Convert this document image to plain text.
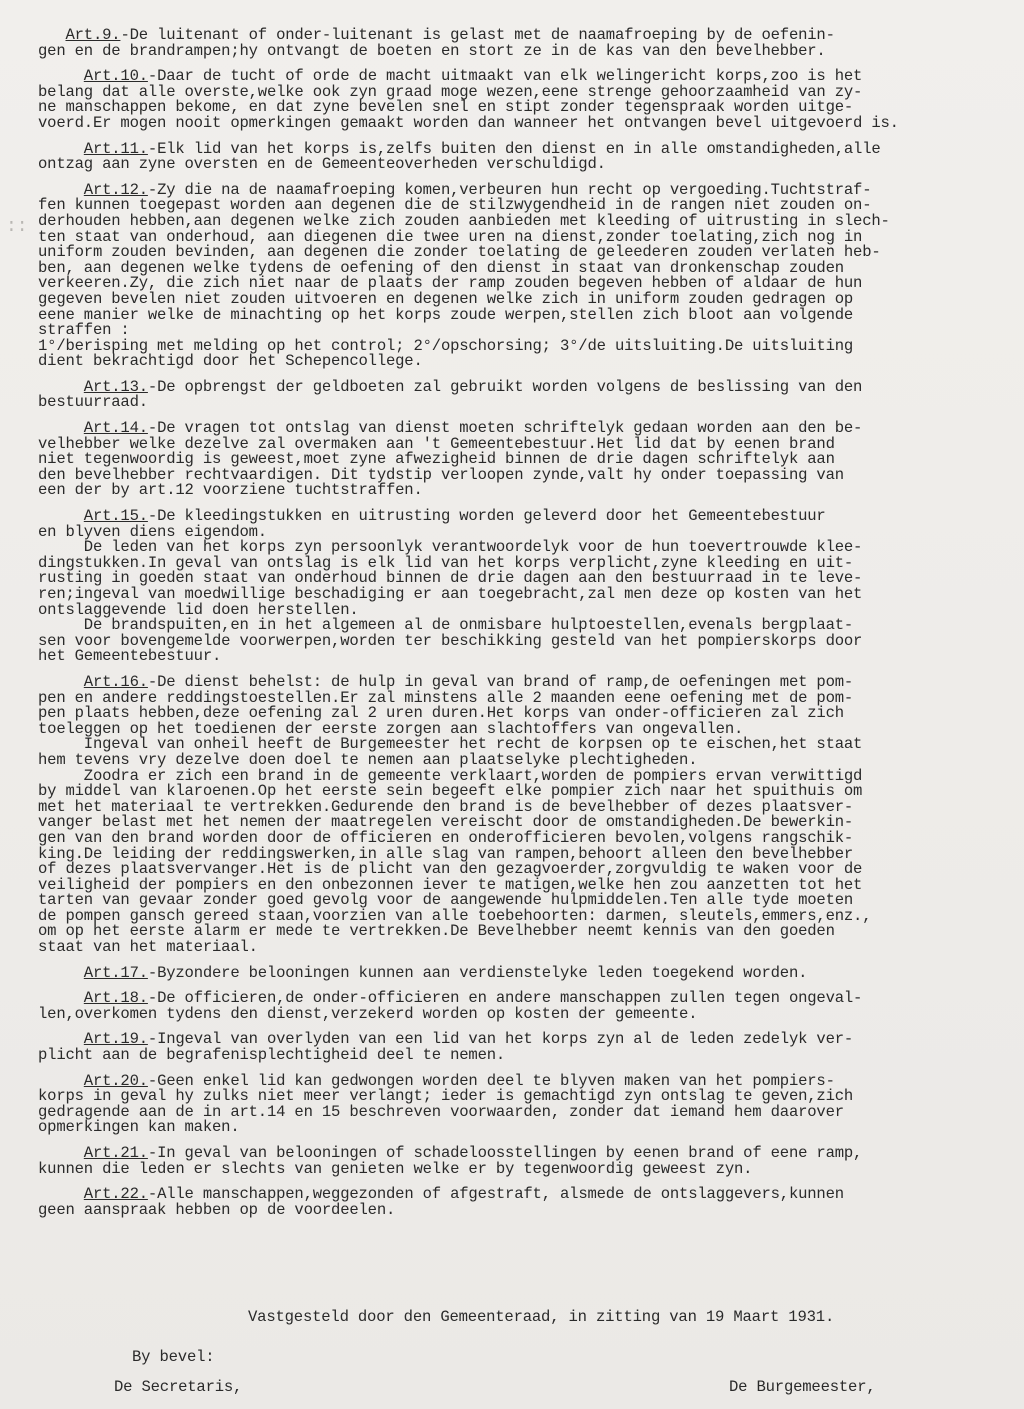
::
Art.9.-De luitenant of onder-luitenant is gelast met de naamafroeping by de oefenin-
gen en de brandrampen;hy ontvangt de boeten en stort ze in de kas van den bevelhebber.
Art.10.-Daar de tucht of orde de macht uitmaakt van elk welingericht korps,zoo is het
belang dat alle overste,welke ook zyn graad moge wezen,eene strenge gehoorzaamheid van zy-
ne manschappen bekome, en dat zyne bevelen snel en stipt zonder tegenspraak worden uitge-
voerd.Er mogen nooit opmerkingen gemaakt worden dan wanneer het ontvangen bevel uitgevoerd is.
Art.11.-Elk lid van het korps is,zelfs buiten den dienst en in alle omstandigheden,alle
ontzag aan zyne oversten en de Gemeenteoverheden verschuldigd.
Art.12.-Zy die na de naamafroeping komen,verbeuren hun recht op vergoeding.Tuchtstraf-
fen kunnen toegepast worden aan degenen die de stilzwygendheid in de rangen niet zouden on-
derhouden hebben,aan degenen welke zich zouden aanbieden met kleeding of uitrusting in slech-
ten staat van onderhoud, aan diegenen die twee uren na dienst,zonder toelating,zich nog in
uniform zouden bevinden, aan degenen die zonder toelating de geleederen zouden verlaten heb-
ben, aan degenen welke tydens de oefening of den dienst in staat van dronkenschap zouden
verkeeren.Zy, die zich niet naar de plaats der ramp zouden begeven hebben of aldaar de hun
gegeven bevelen niet zouden uitvoeren en degenen welke zich in uniform zouden gedragen op
eene manier welke de minachting op het korps zoude werpen,stellen zich bloot aan volgende
straffen :
1°/berisping met melding op het control; 2°/opschorsing; 3°/de uitsluiting.De uitsluiting
dient bekrachtigd door het Schepencollege.
Art.13.-De opbrengst der geldboeten zal gebruikt worden volgens de beslissing van den
bestuurraad.
Art.14.-De vragen tot ontslag van dienst moeten schriftelyk gedaan worden aan den be-
velhebber welke dezelve zal overmaken aan 't Gemeentebestuur.Het lid dat by eenen brand
niet tegenwoordig is geweest,moet zyne afwezigheid binnen de drie dagen schriftelyk aan
den bevelhebber rechtvaardigen. Dit tydstip verloopen zynde,valt hy onder toepassing van
een der by art.12 voorziene tuchtstraffen.
Art.15.-De kleedingstukken en uitrusting worden geleverd door het Gemeentebestuur
en blyven diens eigendom.
De leden van het korps zyn persoonlyk verantwoordelyk voor de hun toevertrouwde klee-
dingstukken.In geval van ontslag is elk lid van het korps verplicht,zyne kleeding en uit-
rusting in goeden staat van onderhoud binnen de drie dagen aan den bestuurraad in te leve-
ren;ingeval van moedwillige beschadiging er aan toegebracht,zal men deze op kosten van het
ontslaggevende lid doen herstellen.
De brandspuiten,en in het algemeen al de onmisbare hulptoestellen,evenals bergplaat-
sen voor bovengemelde voorwerpen,worden ter beschikking gesteld van het pompierskorps door
het Gemeentebestuur.
Art.16.-De dienst behelst: de hulp in geval van brand of ramp,de oefeningen met pom-
pen en andere reddingstoestellen.Er zal minstens alle 2 maanden eene oefening met de pom-
pen plaats hebben,deze oefening zal 2 uren duren.Het korps van onder-officieren zal zich
toeleggen op het toedienen der eerste zorgen aan slachtoffers van ongevallen.
Ingeval van onheil heeft de Burgemeester het recht de korpsen op te eischen,het staat
hem tevens vry dezelve doen doel te nemen aan plaatselyke plechtigheden.
Zoodra er zich een brand in de gemeente verklaart,worden de pompiers ervan verwittigd
by middel van klaroenen.Op het eerste sein begeeft elke pompier zich naar het spuithuis om
met het materiaal te vertrekken.Gedurende den brand is de bevelhebber of dezes plaatsver-
vanger belast met het nemen der maatregelen vereischt door de omstandigheden.De bewerkin-
gen van den brand worden door de officieren en onderofficieren bevolen,volgens rangschik-
king.De leiding der reddingswerken,in alle slag van rampen,behoort alleen den bevelhebber
of dezes plaatsvervanger.Het is de plicht van den gezagvoerder,zorgvuldig te waken voor de
veiligheid der pompiers en den onbezonnen iever te matigen,welke hen zou aanzetten tot het
tarten van gevaar zonder goed gevolg voor de aangewende hulpmiddelen.Ten alle tyde moeten
de pompen gansch gereed staan,voorzien van alle toebehoorten: darmen, sleutels,emmers,enz.,
om op het eerste alarm er mede te vertrekken.De Bevelhebber neemt kennis van den goeden
staat van het materiaal.
Art.17.-Byzondere belooningen kunnen aan verdienstelyke leden toegekend worden.
Art.18.-De officieren,de onder-officieren en andere manschappen zullen tegen ongeval-
len,overkomen tydens den dienst,verzekerd worden op kosten der gemeente.
Art.19.-Ingeval van overlyden van een lid van het korps zyn al de leden zedelyk ver-
plicht aan de begrafenisplechtigheid deel te nemen.
Art.20.-Geen enkel lid kan gedwongen worden deel te blyven maken van het pompiers-
korps in geval hy zulks niet meer verlangt; ieder is gemachtigd zyn ontslag te geven,zich
gedragende aan de in art.14 en 15 beschreven voorwaarden, zonder dat iemand hem daarover
opmerkingen kan maken.
Art.21.-In geval van belooningen of schadeloosstellingen by eenen brand of eene ramp,
kunnen die leden er slechts van genieten welke er by tegenwoordig geweest zyn.
Art.22.-Alle manschappen,weggezonden of afgestraft, alsmede de ontslaggevers,kunnen
geen aanspraak hebben op de voordeelen.
Vastgesteld door den Gemeenteraad, in zitting van 19 Maart 1931.
By bevel:
De Secretaris,	De Burgemeester,
